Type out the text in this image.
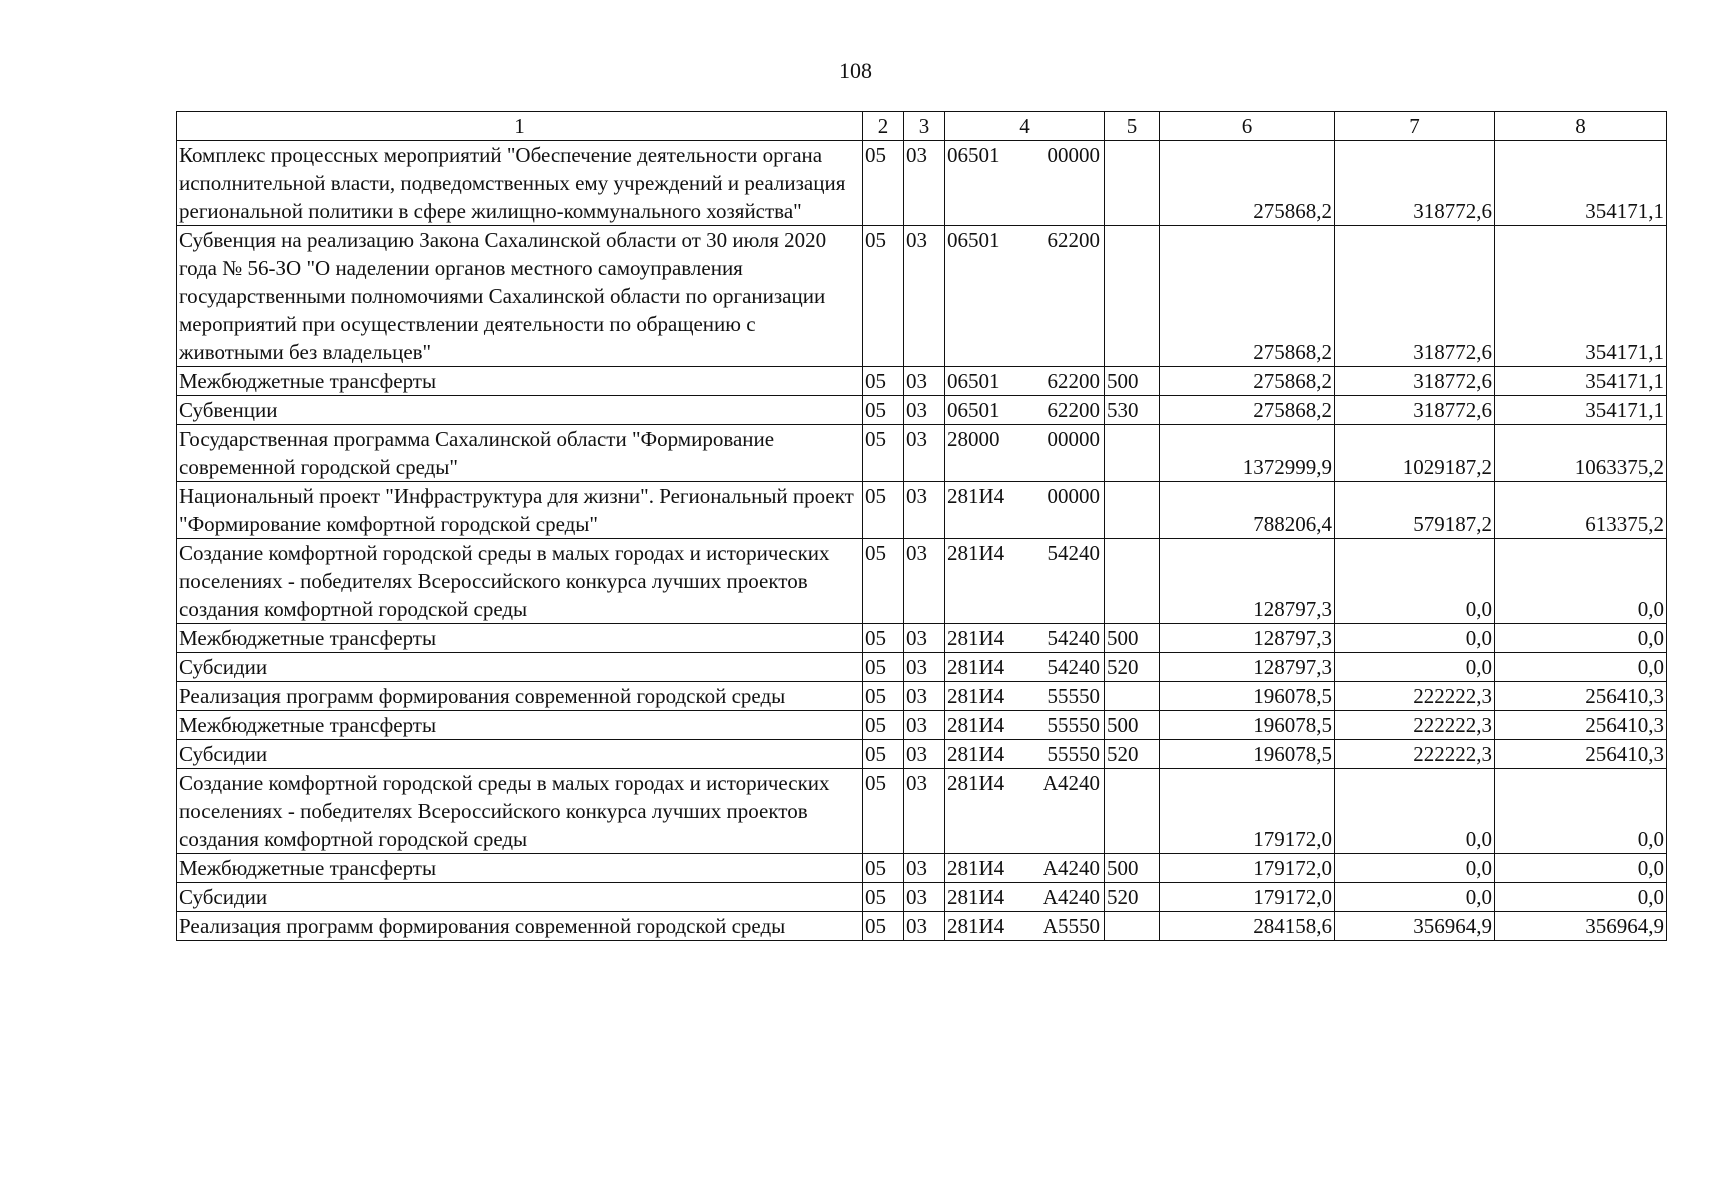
108
1	2	3	4	5	6	7	8
Комплекс процессных мероприятий "Обеспечение деятельности органа исполнительной власти, подведомственных ему учреждений и реализация региональной политики в сфере жилищно-коммунального хозяйства"	05	03	06501 00000		275868,2	318772,6	354171,1
Субвенция на реализацию Закона Сахалинской области от 30 июля 2020 года № 56-ЗО "О наделении органов местного самоуправления государственными полномочиями Сахалинской области по организации мероприятий при осуществлении деятельности по обращению с животными без владельцев"	05	03	06501 62200		275868,2	318772,6	354171,1
Межбюджетные трансферты	05	03	06501 62200	500	275868,2	318772,6	354171,1
Субвенции	05	03	06501 62200	530	275868,2	318772,6	354171,1
Государственная программа Сахалинской области "Формирование современной городской среды"	05	03	28000 00000		1372999,9	1029187,2	1063375,2
Национальный проект "Инфраструктура для жизни". Региональный проект "Формирование комфортной городской среды"	05	03	281И4 00000		788206,4	579187,2	613375,2
Создание комфортной городской среды в малых городах и исторических поселениях - победителях Всероссийского конкурса лучших проектов создания комфортной городской среды	05	03	281И4 54240		128797,3	0,0	0,0
Межбюджетные трансферты	05	03	281И4 54240	500	128797,3	0,0	0,0
Субсидии	05	03	281И4 54240	520	128797,3	0,0	0,0
Реализация программ формирования современной городской среды	05	03	281И4 55550		196078,5	222222,3	256410,3
Межбюджетные трансферты	05	03	281И4 55550	500	196078,5	222222,3	256410,3
Субсидии	05	03	281И4 55550	520	196078,5	222222,3	256410,3
Создание комфортной городской среды в малых городах и исторических поселениях - победителях Всероссийского конкурса лучших проектов создания комфортной городской среды	05	03	281И4 А4240		179172,0	0,0	0,0
Межбюджетные трансферты	05	03	281И4 А4240	500	179172,0	0,0	0,0
Субсидии	05	03	281И4 А4240	520	179172,0	0,0	0,0
Реализация программ формирования современной городской среды	05	03	281И4 А5550		284158,6	356964,9	356964,9
